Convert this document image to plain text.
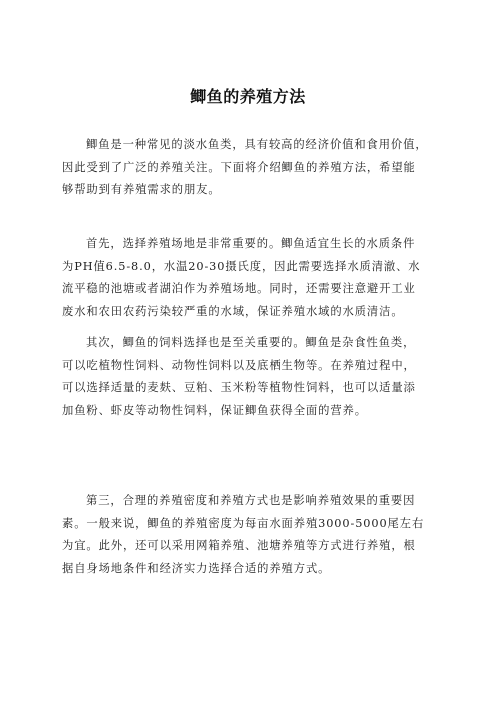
鲫鱼的养殖方法
鲫鱼是一种常见的淡水鱼类，具有较高的经济价值和食用价值，
因此受到了广泛的养殖关注。下面将介绍鲫鱼的养殖方法，希望能
够帮助到有养殖需求的朋友。
首先，选择养殖场地是非常重要的。鲫鱼适宜生长的水质条件
为PH值6.5-8.0，水温20-30摄氏度，因此需要选择水质清澈、水
流平稳的池塘或者湖泊作为养殖场地。同时，还需要注意避开工业
废水和农田农药污染较严重的水域，保证养殖水域的水质清洁。
其次，鲫鱼的饲料选择也是至关重要的。鲫鱼是杂食性鱼类，
可以吃植物性饲料、动物性饲料以及底栖生物等。在养殖过程中，
可以选择适量的麦麸、豆粕、玉米粉等植物性饲料，也可以适量添
加鱼粉、虾皮等动物性饲料，保证鲫鱼获得全面的营养。
第三，合理的养殖密度和养殖方式也是影响养殖效果的重要因
素。一般来说，鲫鱼的养殖密度为每亩水面养殖3000-5000尾左右
为宜。此外，还可以采用网箱养殖、池塘养殖等方式进行养殖，根
据自身场地条件和经济实力选择合适的养殖方式。
